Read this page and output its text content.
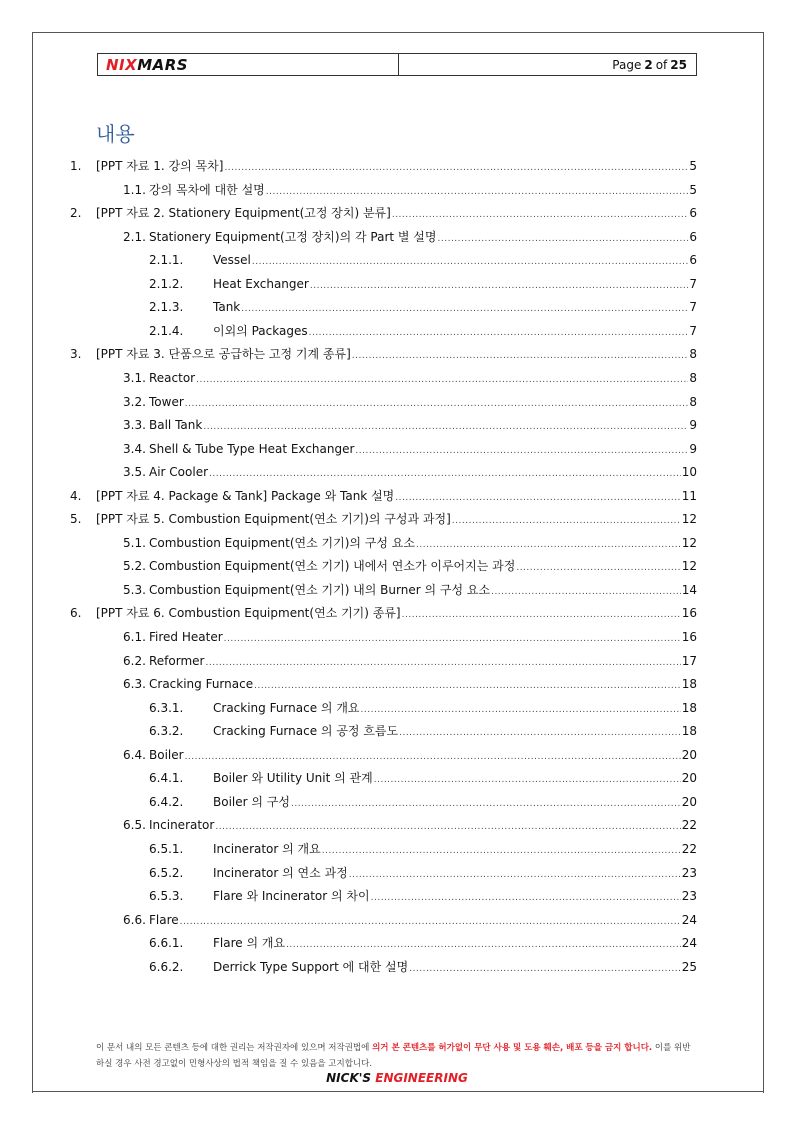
NIXMARS	Page 2 of 25
내용
1. [PPT 자료 1. 강의 목차] .....	5
1.1. 강의 목차에 대한 설명 .....	5
2. [PPT 자료 2. Stationery Equipment(고정 장치) 분류] .....	6
2.1. Stationery Equipment(고정 장치)의 각 Part 별 설명 .....	6
2.1.1. Vessel .....	6
2.1.2. Heat Exchanger .....	7
2.1.3. Tank .....	7
2.1.4. 이외의 Packages .....	7
3. [PPT 자료 3. 단품으로 공급하는 고정 기계 종류] .....	8
3.1. Reactor .....	8
3.2. Tower .....	8
3.3. Ball Tank .....	9
3.4. Shell & Tube Type Heat Exchanger .....	9
3.5. Air Cooler .....	10
4. [PPT 자료 4. Package & Tank] Package 와 Tank 설명 .....	11
5. [PPT 자료 5. Combustion Equipment(연소 기기)의 구성과 과정] .....	12
5.1. Combustion Equipment(연소 기기)의 구성 요소 .....	12
5.2. Combustion Equipment(연소 기기) 내에서 연소가 이루어지는 과정 .....	12
5.3. Combustion Equipment(연소 기기) 내의 Burner 의 구성 요소 .....	14
6. [PPT 자료 6. Combustion Equipment(연소 기기) 종류] .....	16
6.1. Fired Heater .....	16
6.2. Reformer .....	17
6.3. Cracking Furnace .....	18
6.3.1. Cracking Furnace 의 개요 .....	18
6.3.2. Cracking Furnace 의 공정 흐름도 .....	18
6.4. Boiler .....	20
6.4.1. Boiler 와 Utility Unit 의 관계 .....	20
6.4.2. Boiler 의 구성 .....	20
6.5. Incinerator .....	22
6.5.1. Incinerator 의 개요 .....	22
6.5.2. Incinerator 의 연소 과정 .....	23
6.5.3. Flare 와 Incinerator 의 차이 .....	23
6.6. Flare .....	24
6.6.1. Flare 의 개요 .....	24
6.6.2. Derrick Type Support 에 대한 설명 .....	25
이 문서 내의 모든 콘텐츠 등에 대한 권리는 저작권자에 있으며 저작권법에 의거 본 콘텐츠를 허가없이 무단 사용 및 도용 훼손, 배포 등을 금지 합니다. 이를 위반 하실 경우 사전 경고없이 민형사상의 법적 책임을 질 수 있음을 고지합니다.
NICK'S ENGINEERING
